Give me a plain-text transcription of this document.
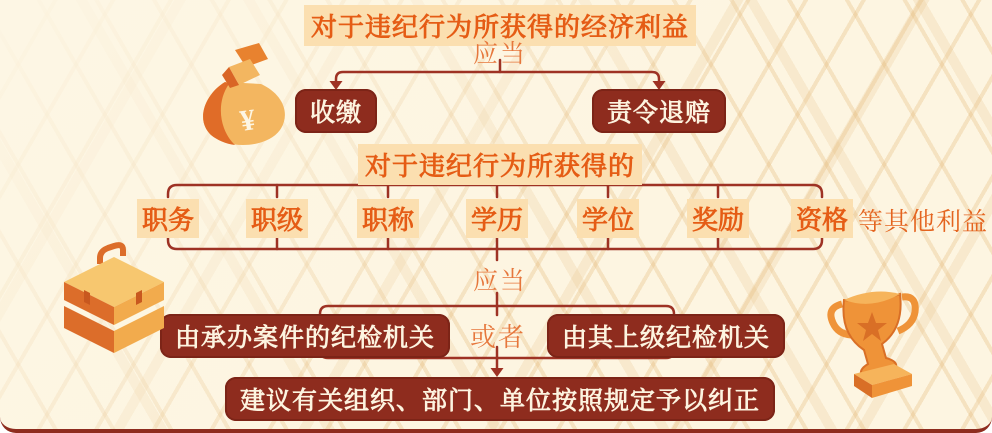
对于违纪行为所获得的经济利益
应当
收缴	责令退赔
对于违纪行为所获得的
职务 职级 职称 学历 学位 奖励 资格 等其他利益
应当
由承办案件的纪检机关	或者	由其上级纪检机关
建议有关组织、部门、单位按照规定予以纠正
¥
